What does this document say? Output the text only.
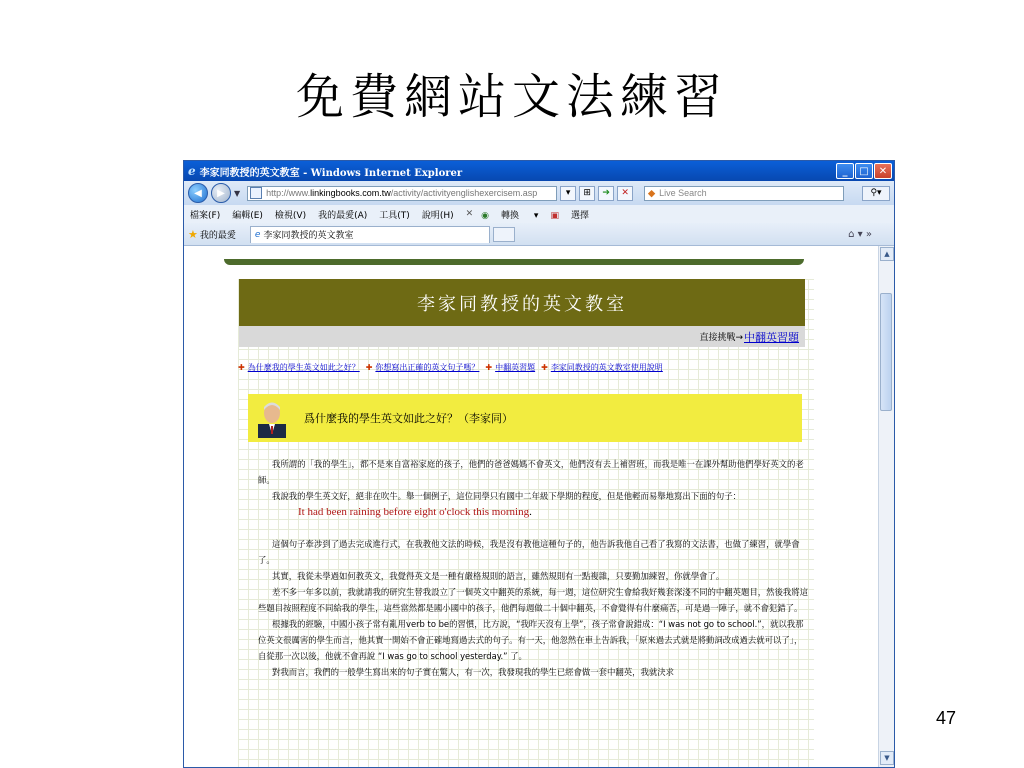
免費網站文法練習
e 李家同教授的英文教室 - Windows Internet Explorer	_	□	✕
◀	▶	▼	http://www. linkingbooks.com.tw /activity/activityenglishexercisem.asp	▾	⊞	➔	✕	◆ Live Search	⚲▾
檔案(F) 編輯(E) 檢視(V) 我的最愛(A) 工具(T) 說明(H) ✕ ◉ 轉換 ▾ ▣ 選擇
★ 我的最愛 e 李家同教授的英文教室	⌂ ▾ »
李家同教授的英文教室
直接挑戰→ 中翻英習題
✚ 為什麼我的學生英文如此之好？ ✚ 你想寫出正確的英文句子嗎？ ✚ 中翻英習題 ✚ 李家同教授的英文教室使用說明
爲什麼我的學生英文如此之好？（李家同）

我所謂的「我的學生」，都不是來自富裕家庭的孩子，他們的爸爸媽媽不會英文，他們沒有去上補習班，而我是唯一在課外幫助他們學好英文的老師。

我說我的學生英文好，絕非在吹牛。舉一個例子，這位同學只有國中二年級下學期的程度，但是他輕而易舉地寫出下面的句子：

It had been raining before eight o'clock this morning.

這個句子牽涉到了過去完成進行式，在我教他文法的時候，我是沒有教他這種句子的，他告訴我他自己看了我寫的文法書，也做了練習，就學會了。

其實，我從未學過如何教英文，我覺得英文是一種有嚴格規則的語言，雖然規則有一點複雜，只要勤加練習，你就學會了。

差不多一年多以前，我就請我的研究生替我設立了一個英文中翻英的系統，每一週，這位研究生會給我好幾套深淺不同的中翻英題目，然後我將這些題目按照程度不同給我的學生，這些當然都是國小國中的孩子，他們每週做二十個中翻英，不會覺得有什麼痛苦，可是過一陣子，就不會犯錯了。

根據我的經驗，中國小孩子常有亂用verb to be的習慣，比方說，“我昨天沒有上學”，孩子常會說錯成：“I was not go to school.”，就以我那位英文很厲害的學生而言，他其實一開始不會正確地寫過去式的句子。有一天，他忽然在車上告訴我，「原來過去式就是將動詞改成過去就可以了」，自從那一次以後，他就不會再說 “I was go to school yesterday.” 了。

對我而言，我們的一般學生寫出來的句子實在驚人，有一次，我發現我的學生已經會做一套中翻英，我就決求

▲
▼
47
